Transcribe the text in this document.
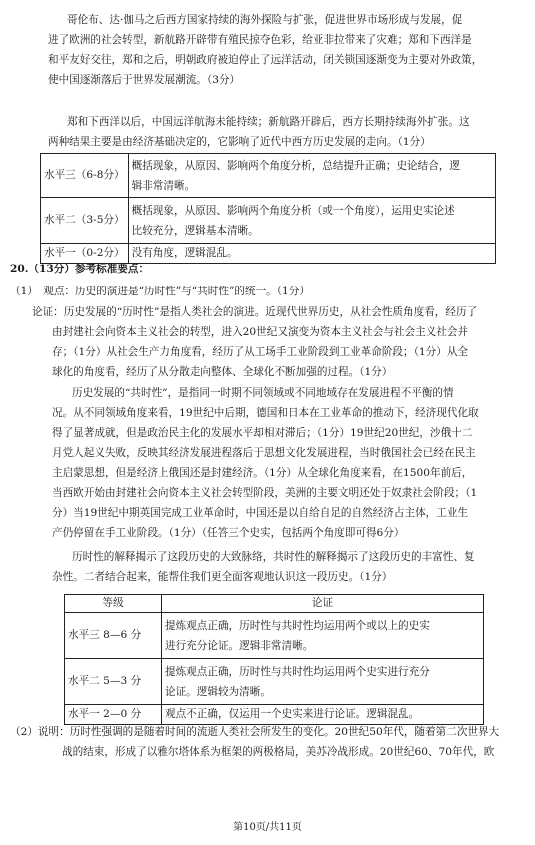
哥伦布、达·伽马之后西方国家持续的海外探险与扩张，促进世界市场形成与发展，促
进了欧洲的社会转型，新航路开辟带有殖民掠夺色彩，给亚非拉带来了灾难；郑和下西洋是
和平友好交往，郑和之后，明朝政府被迫停止了远洋活动，闭关锁国逐渐变为主要对外政策，
使中国逐渐落后于世界发展潮流。（3分）
郑和下西洋以后，中国远洋航海未能持续；新航路开辟后，西方长期持续海外扩张。这
两种结果主要是由经济基础决定的，它影响了近代中西方历史发展的走向。（1分）
水平三（6-8分）	概括现象，从原因、影响两个角度分析，总结提升正确；史论结合，逻
辑非常清晰。

水平二（3-5分）	概括现象，从原因、影响两个角度分析（或一个角度），运用史实论述
比较充分，逻辑基本清晰。

水平一（0-2分）	没有角度，逻辑混乱。
20.（13分）参考标准要点：
（1）　观点：历史的演进是“历时性”与“共时性”的统一。（1分）
论证：历史发展的“历时性”是指人类社会的演进。近现代世界历史，从社会性质角度看，经历了
由封建社会向资本主义社会的转型，进入20世纪又演变为资本主义社会与社会主义社会并
存；（1分）从社会生产力角度看，经历了从工场手工业阶段到工业革命阶段；（1分）从全
球化的角度看，经历了从分散走向整体、全球化不断加强的过程。（1分）
历史发展的“共时性”，是指同一时期不同领域或不同地域存在发展进程不平衡的情
况。从不同领域角度来看，19世纪中后期，德国和日本在工业革命的推动下，经济现代化取
得了显著成就，但是政治民主化的发展水平却相对滞后；（1分）19世纪20世纪，沙俄十二
月党人起义失败，反映其经济发展进程落后于思想文化发展进程，当时俄国社会已经在民主
主启蒙思想，但是经济上俄国还是封建经济。（1分）从全球化角度来看，在1500年前后，
当西欧开始由封建社会向资本主义社会转型阶段，美洲的主要文明还处于奴隶社会阶段；（1
分）当19世纪中期英国完成工业革命时，中国还是以自给自足的自然经济占主体，工业生
产仍停留在手工业阶段。（1分）（任答三个史实，包括两个角度即可得6分）
历时性的解释揭示了这段历史的大致脉络，共时性的解释揭示了这段历史的丰富性、复
杂性。二者结合起来，能帮住我们更全面客观地认识这一段历史。（1分）
等级	论证
水平三 8—6 分	提炼观点正确，历时性与共时性均运用两个或以上的史实
进行充分论证。逻辑非常清晰。

水平二 5—3 分	提炼观点正确，历时性与共时性均运用两个史实进行充分
论证。逻辑较为清晰。

水平一 2—0 分	观点不正确，仅运用一个史实来进行论证。逻辑混乱。
（2）说明：历时性强调的是随着时间的流逝人类社会所发生的变化。20世纪50年代，随着第二次世界大
战的结束，形成了以雅尔塔体系为框架的两极格局，美苏冷战形成。20世纪60、70年代，欧
第10页/共11页
